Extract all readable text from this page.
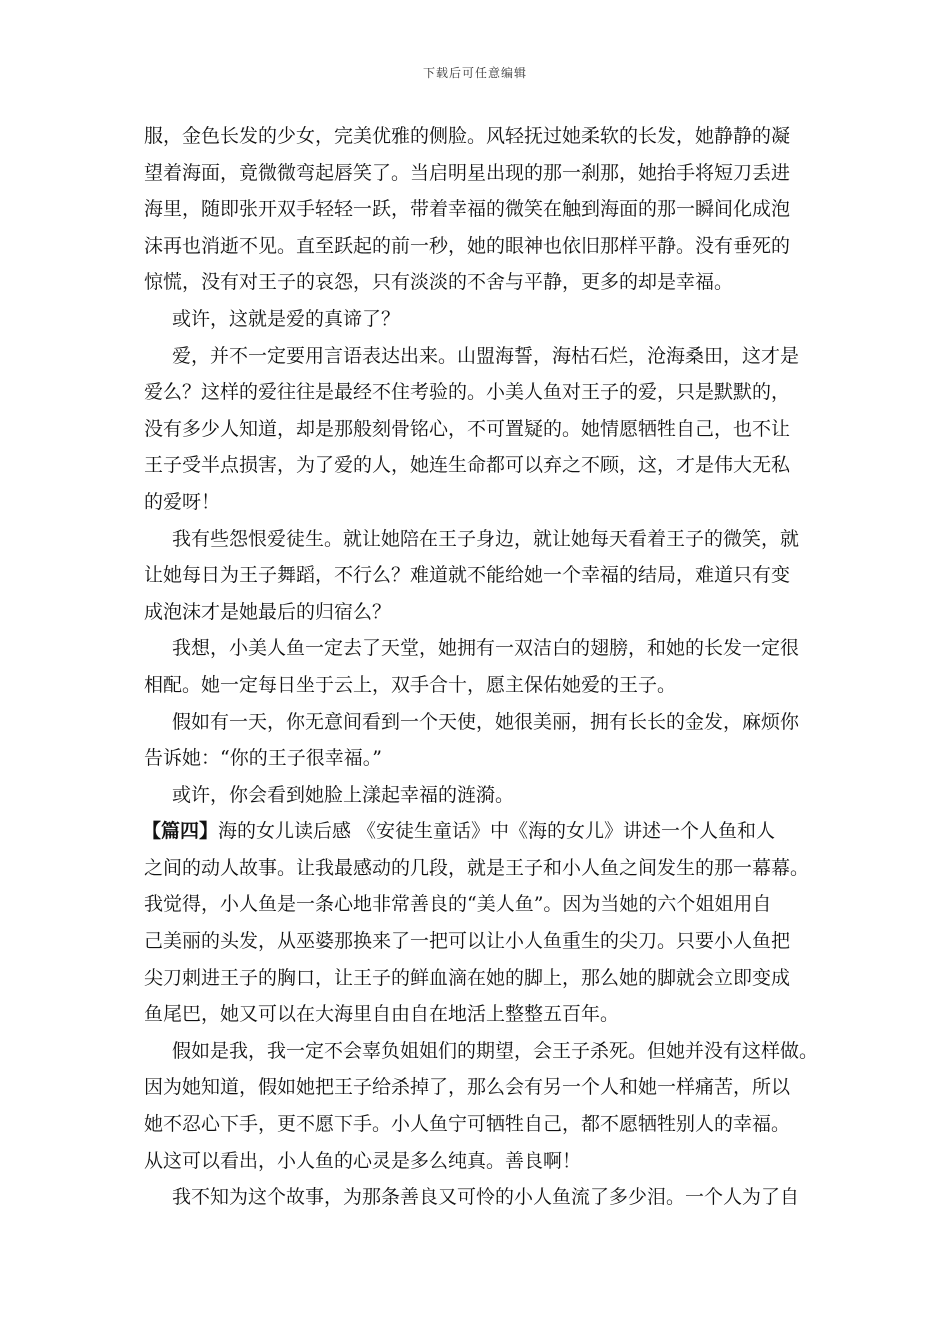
下载后可任意编辑
服，金色长发的少女，完美优雅的侧脸。风轻抚过她柔软的长发，她静静的凝
望着海面，竟微微弯起唇笑了。当启明星出现的那一刹那，她抬手将短刀丢进
海里，随即张开双手轻轻一跃，带着幸福的微笑在触到海面的那一瞬间化成泡
沫再也消逝不见。直至跃起的前一秒，她的眼神也依旧那样平静。没有垂死的
惊慌，没有对王子的哀怨，只有淡淡的不舍与平静，更多的却是幸福。
或许，这就是爱的真谛了？
爱，并不一定要用言语表达出来。山盟海誓，海枯石烂，沧海桑田，这才是
爱么？这样的爱往往是最经不住考验的。小美人鱼对王子的爱，只是默默的，
没有多少人知道，却是那般刻骨铭心，不可置疑的。她情愿牺牲自己，也不让
王子受半点损害，为了爱的人，她连生命都可以弃之不顾，这，才是伟大无私
的爱呀！
我有些怨恨爱徒生。就让她陪在王子身边，就让她每天看着王子的微笑，就
让她每日为王子舞蹈，不行么？难道就不能给她一个幸福的结局，难道只有变
成泡沫才是她最后的归宿么？
我想，小美人鱼一定去了天堂，她拥有一双洁白的翅膀，和她的长发一定很
相配。她一定每日坐于云上，双手合十，愿主保佑她爱的王子。
假如有一天，你无意间看到一个天使，她很美丽，拥有长长的金发，麻烦你
告诉她：“你的王子很幸福。”
或许，你会看到她脸上漾起幸福的涟漪。
【篇四】海的女儿读后感 《安徒生童话》中《海的女儿》讲述一个人鱼和人
之间的动人故事。让我最感动的几段，就是王子和小人鱼之间发生的那一幕幕。
我觉得，小人鱼是一条心地非常善良的“美人鱼”。因为当她的六个姐姐用自
己美丽的头发，从巫婆那换来了一把可以让小人鱼重生的尖刀。只要小人鱼把
尖刀刺进王子的胸口，让王子的鲜血滴在她的脚上，那么她的脚就会立即变成
鱼尾巴，她又可以在大海里自由自在地活上整整五百年。
假如是我，我一定不会辜负姐姐们的期望，会王子杀死。但她并没有这样做。
因为她知道，假如她把王子给杀掉了，那么会有另一个人和她一样痛苦，所以
她不忍心下手，更不愿下手。小人鱼宁可牺牲自己，都不愿牺牲别人的幸福。
从这可以看出，小人鱼的心灵是多么纯真。善良啊！
我不知为这个故事，为那条善良又可怜的小人鱼流了多少泪。一个人为了自
